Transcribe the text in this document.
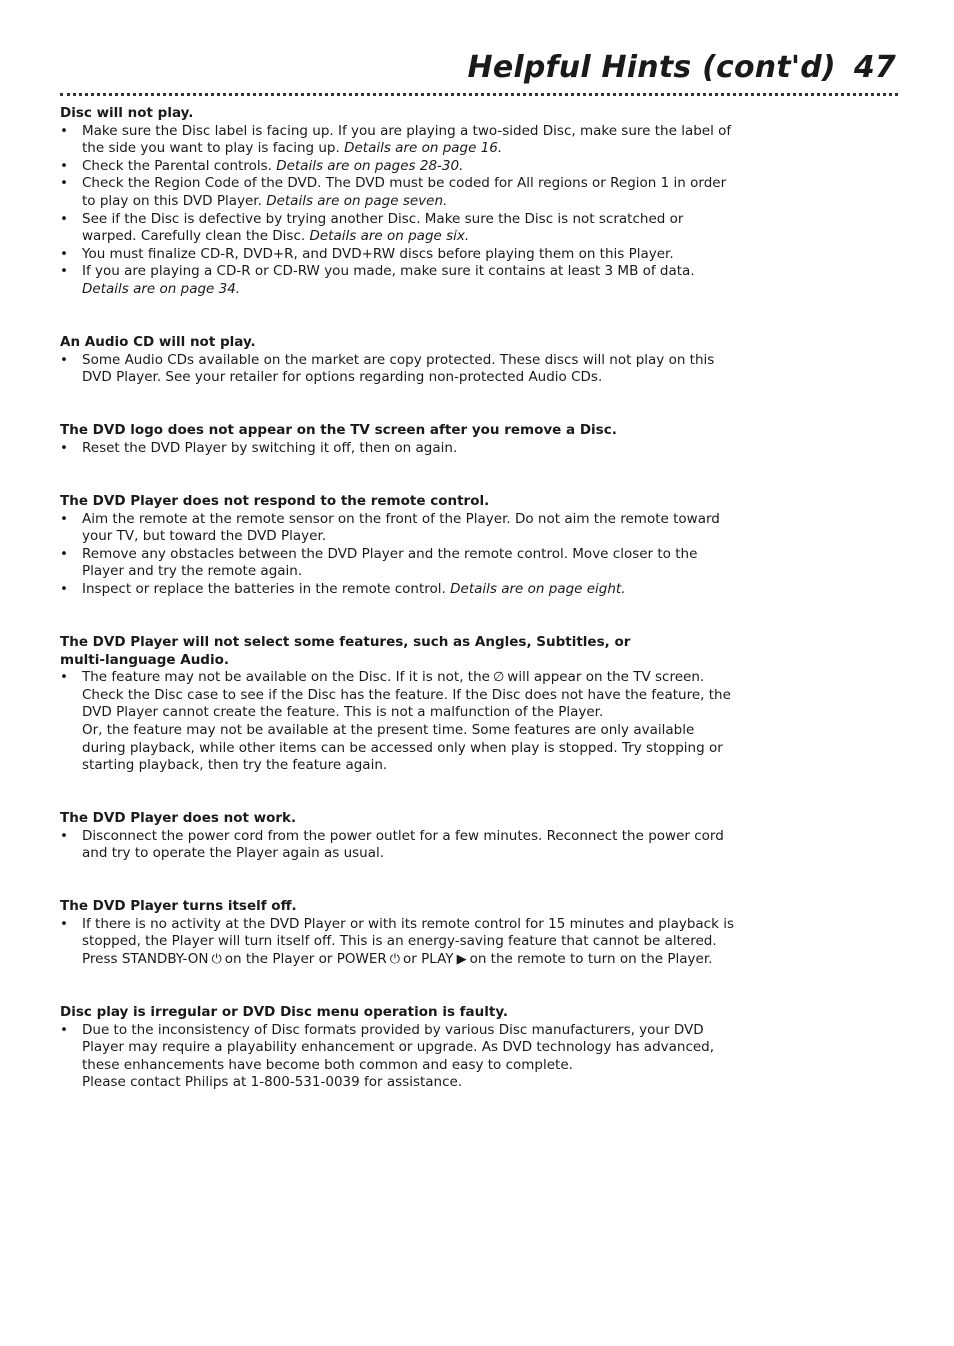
Helpful Hints (cont'd) 47
Disc will not play.
• Make sure the Disc label is facing up. If you are playing a two-sided Disc, make sure the label of the side you want to play is facing up. Details are on page 16.
• Check the Parental controls. Details are on pages 28-30.
• Check the Region Code of the DVD. The DVD must be coded for All regions or Region 1 in order to play on this DVD Player. Details are on page seven.
• See if the Disc is defective by trying another Disc. Make sure the Disc is not scratched or warped. Carefully clean the Disc. Details are on page six.
• You must finalize CD-R, DVD+R, and DVD+RW discs before playing them on this Player.
• If you are playing a CD-R or CD-RW you made, make sure it contains at least 3 MB of data. Details are on page 34.
An Audio CD will not play.
• Some Audio CDs available on the market are copy protected. These discs will not play on this DVD Player. See your retailer for options regarding non-protected Audio CDs.
The DVD logo does not appear on the TV screen after you remove a Disc.
• Reset the DVD Player by switching it off, then on again.
The DVD Player does not respond to the remote control.
• Aim the remote at the remote sensor on the front of the Player. Do not aim the remote toward your TV, but toward the DVD Player.
• Remove any obstacles between the DVD Player and the remote control. Move closer to the Player and try the remote again.
• Inspect or replace the batteries in the remote control. Details are on page eight.
The DVD Player will not select some features, such as Angles, Subtitles, or
multi-language Audio.
• The feature may not be available on the Disc. If it is not, the ∅ will appear on the TV screen. Check the Disc case to see if the Disc has the feature. If the Disc does not have the feature, the DVD Player cannot create the feature. This is not a malfunction of the Player.
Or, the feature may not be available at the present time. Some features are only available during playback, while other items can be accessed only when play is stopped. Try stopping or starting playback, then try the feature again.
The DVD Player does not work.
• Disconnect the power cord from the power outlet for a few minutes. Reconnect the power cord and try to operate the Player again as usual.
The DVD Player turns itself off.
• If there is no activity at the DVD Player or with its remote control for 15 minutes and playback is stopped, the Player will turn itself off. This is an energy-saving feature that cannot be altered. Press STANDBY-ON ⏻ on the Player or POWER ⏻ or PLAY ▶ on the remote to turn on the Player.
Disc play is irregular or DVD Disc menu operation is faulty.
• Due to the inconsistency of Disc formats provided by various Disc manufacturers, your DVD Player may require a playability enhancement or upgrade. As DVD technology has advanced, these enhancements have become both common and easy to complete.
Please contact Philips at 1-800-531-0039 for assistance.
